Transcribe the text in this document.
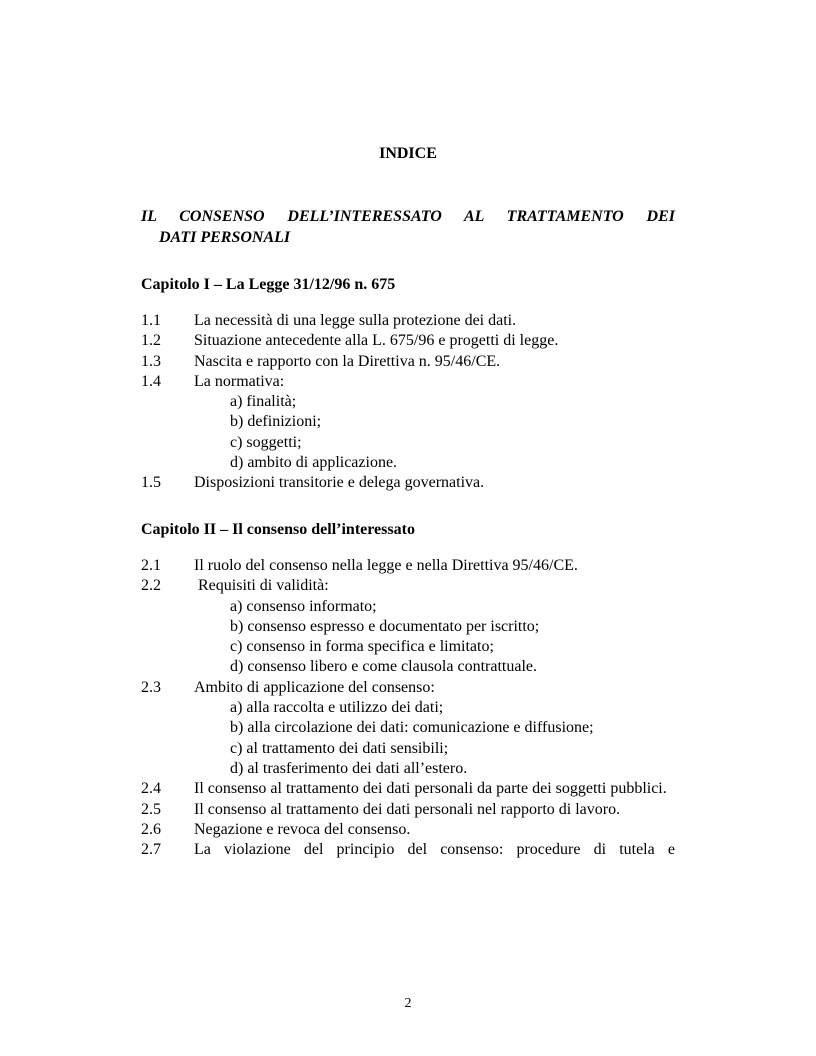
INDICE
IL CONSENSO DELL’INTERESSATO AL TRATTAMENTO DEI
DATI PERSONALI
Capitolo I – La Legge 31/12/96 n. 675
1.1	La necessità di una legge sulla protezione dei dati.
1.2	Situazione antecedente alla L. 675/96 e progetti di legge.
1.3	Nascita e rapporto con la Direttiva n. 95/46/CE.
1.4	La normativa:
a) finalità;
b) definizioni;
c) soggetti;
d) ambito di applicazione.
1.5	Disposizioni transitorie e delega governativa.
Capitolo II – Il consenso dell’interessato
2.1	Il ruolo del consenso nella legge e nella Direttiva 95/46/CE.
2.2	Requisiti di validità:
a) consenso informato;
b) consenso espresso e documentato per iscritto;
c) consenso in forma specifica e limitato;
d) consenso libero e come clausola contrattuale.
2.3	Ambito di applicazione del consenso:
a) alla raccolta e utilizzo dei dati;
b) alla circolazione dei dati: comunicazione e diffusione;
c) al trattamento dei dati sensibili;
d) al trasferimento dei dati all’estero.
2.4	Il consenso al trattamento dei dati personali da parte dei soggetti pubblici.
2.5	Il consenso al trattamento dei dati personali nel rapporto di lavoro.
2.6	Negazione e revoca del consenso.
2.7	La violazione del principio del consenso: procedure di tutela e
2
